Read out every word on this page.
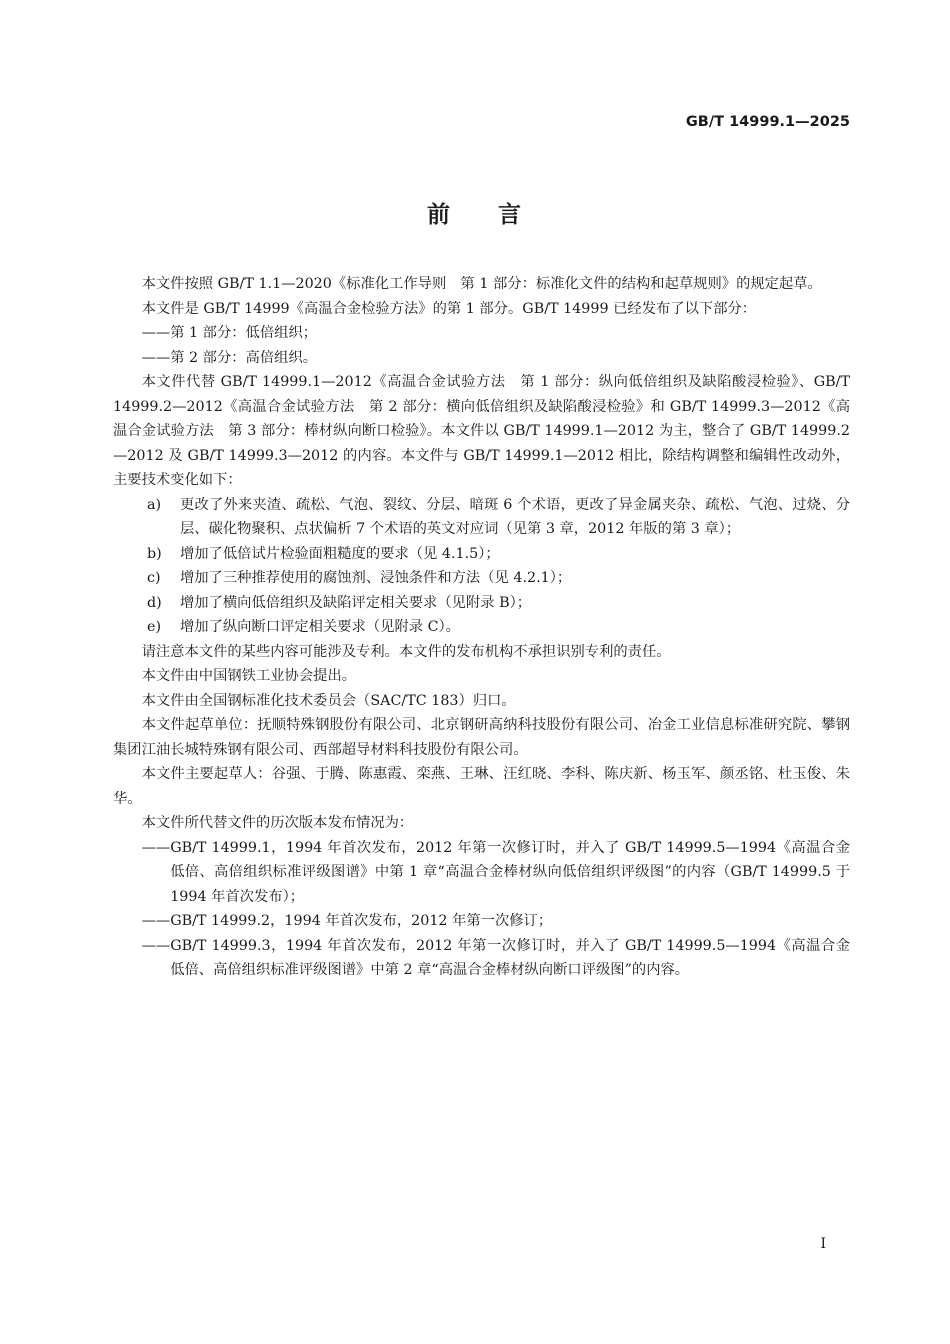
GB/T 14999.1—2025
前 言

本文件按照 GB/T 1.1—2020《标准化工作导则　第 1 部分：标准化文件的结构和起草规则》的规定起草。

本文件是 GB/T 14999《高温合金检验方法》的第 1 部分。GB/T 14999 已经发布了以下部分：

——第 1 部分：低倍组织；

——第 2 部分：高倍组织。

本文件代替 GB/T 14999.1—2012《高温合金试验方法　第 1 部分：纵向低倍组织及缺陷酸浸检验》、GB/T 14999.2—2012《高温合金试验方法　第 2 部分：横向低倍组织及缺陷酸浸检验》和 GB/T 14999.3—2012《高温合金试验方法　第 3 部分：棒材纵向断口检验》。本文件以 GB/T 14999.1—2012 为主，整合了 GB/T 14999.2—2012 及 GB/T 14999.3—2012 的内容。本文件与 GB/T 14999.1—2012 相比，除结构调整和编辑性改动外，主要技术变化如下：

a) 更改了外来夹渣、疏松、气泡、裂纹、分层、暗斑 6 个术语，更改了异金属夹杂、疏松、气泡、过烧、分层、碳化物聚积、点状偏析 7 个术语的英文对应词（见第 3 章，2012 年版的第 3 章）；

b) 增加了低倍试片检验面粗糙度的要求（见 4.1.5）；

c) 增加了三种推荐使用的腐蚀剂、浸蚀条件和方法（见 4.2.1）；

d) 增加了横向低倍组织及缺陷评定相关要求（见附录 B）；

e) 增加了纵向断口评定相关要求（见附录 C）。

请注意本文件的某些内容可能涉及专利。本文件的发布机构不承担识别专利的责任。

本文件由中国钢铁工业协会提出。

本文件由全国钢标准化技术委员会（SAC/TC 183）归口。

本文件起草单位：抚顺特殊钢股份有限公司、北京钢研高纳科技股份有限公司、冶金工业信息标准研究院、攀钢集团江油长城特殊钢有限公司、西部超导材料科技股份有限公司。

本文件主要起草人：谷强、于腾、陈惠霞、栾燕、王琳、汪红晓、李科、陈庆新、杨玉军、颜丞铭、杜玉俊、朱华。

本文件所代替文件的历次版本发布情况为：

——GB/T 14999.1，1994 年首次发布，2012 年第一次修订时，并入了 GB/T 14999.5—1994《高温合金低倍、高倍组织标准评级图谱》中第 1 章“高温合金棒材纵向低倍组织评级图”的内容（GB/T 14999.5 于 1994 年首次发布）；

——GB/T 14999.2，1994 年首次发布，2012 年第一次修订；

——GB/T 14999.3，1994 年首次发布，2012 年第一次修订时，并入了 GB/T 14999.5—1994《高温合金低倍、高倍组织标准评级图谱》中第 2 章“高温合金棒材纵向断口评级图”的内容。

I
